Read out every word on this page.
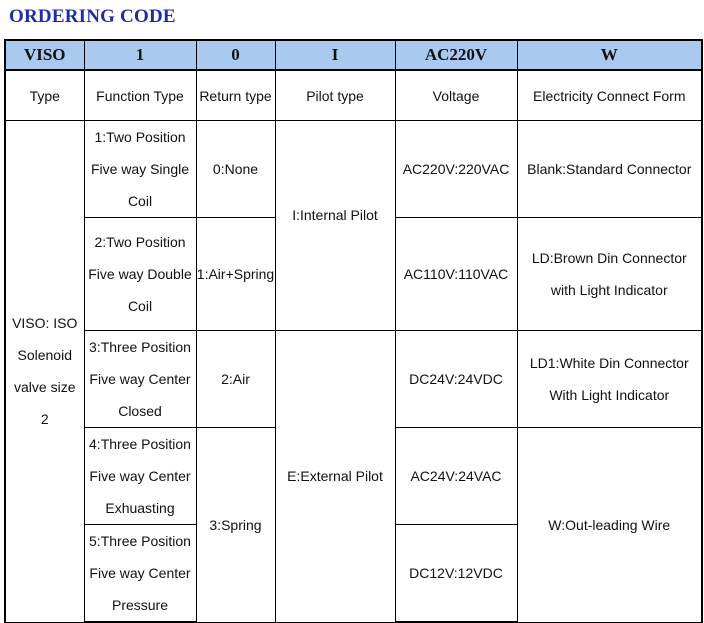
ORDERING CODE
VISO	1	0	I	AC220V	W
Type	Function Type	Return type	Pilot type	Voltage	Electricity Connect Form
VISO: ISO Solenoid valve size 2	1:Two Position Five way Single Coil	0:None	I:Internal Pilot	AC220V:220VAC	Blank:Standard Connector
	2:Two Position Five way Double Coil	1:Air+Spring		AC110V:110VAC	LD:Brown Din Connector with Light Indicator
	3:Three Position Five way Center Closed	2:Air	E:External Pilot	DC24V:24VDC	LD1:White Din Connector With Light Indicator
	4:Three Position Five way Center Exhuasting	3:Spring		AC24V:24VAC	W:Out-leading Wire
	5:Three Position Five way Center Pressure			DC12V:12VDC	
